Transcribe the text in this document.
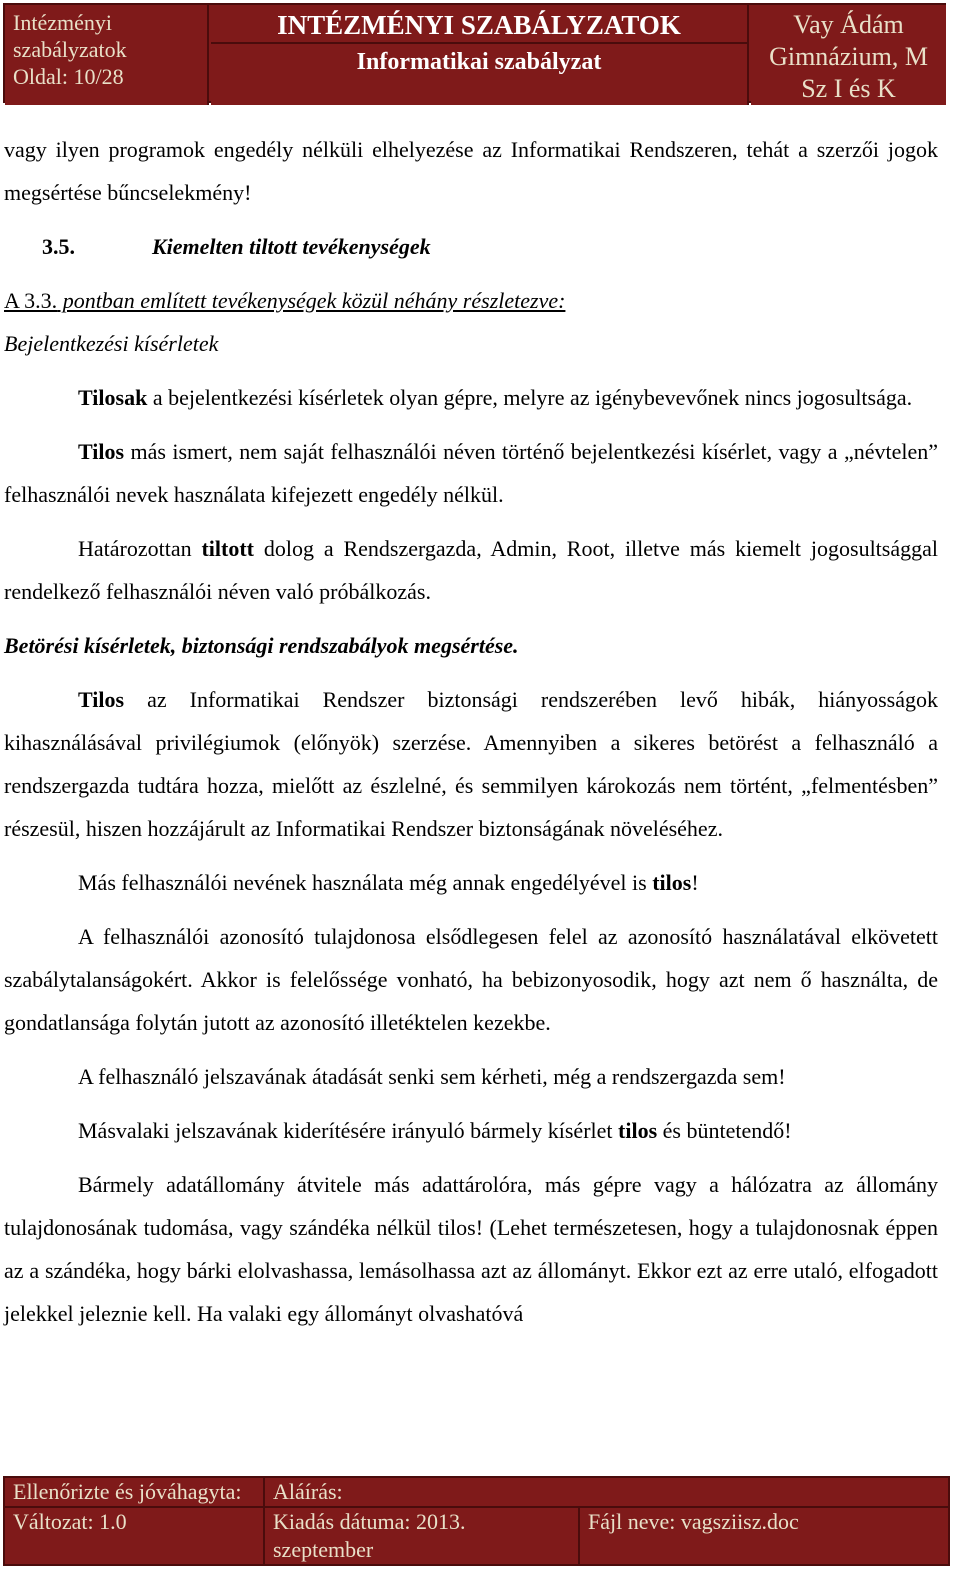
Intézményi
szabályzatok
Oldal: 10/28
INTÉZMÉNYI SZABÁLYZATOK
Informatikai szabályzat
Vay Ádám
Gimnázium, M
Sz I és K

vagy ilyen programok engedély nélküli elhelyezése az Informatikai Rendszeren, tehát a szerzői jogok megsértése bűncselekmény!

3.5.	Kiemelten tiltott tevékenységek

A 3.3. pontban említett tevékenységek közül néhány részletezve:

Bejelentkezési kísérletek

Tilosak a bejelentkezési kísérletek olyan gépre, melyre az igénybevevőnek nincs jogosultsága.

Tilos más ismert, nem saját felhasználói néven történő bejelentkezési kísérlet, vagy a „névtelen” felhasználói nevek használata kifejezett engedély nélkül.

Határozottan tiltott dolog a Rendszergazda, Admin, Root, illetve más kiemelt jogosultsággal rendelkező felhasználói néven való próbálkozás.

Betörési kísérletek, biztonsági rendszabályok megsértése.

Tilos az Informatikai Rendszer biztonsági rendszerében levő hibák, hiányosságok kihasználásával privilégiumok (előnyök) szerzése. Amennyiben a sikeres betörést a felhasználó a rendszergazda tudtára hozza, mielőtt az észlelné, és semmilyen károkozás nem történt, „felmentésben” részesül, hiszen hozzájárult az Informatikai Rendszer biztonságának növeléséhez.

Más felhasználói nevének használata még annak engedélyével is tilos!

A felhasználói azonosító tulajdonosa elsődlegesen felel az azonosító használatával elkövetett szabálytalanságokért. Akkor is felelőssége vonható, ha bebizonyosodik, hogy azt nem ő használta, de gondatlansága folytán jutott az azonosító illetéktelen kezekbe.

A felhasználó jelszavának átadását senki sem kérheti, még a rendszergazda sem!

Másvalaki jelszavának kiderítésére irányuló bármely kísérlet tilos és büntetendő!

Bármely adatállomány átvitele más adattárolóra, más gépre vagy a hálózatra az állomány tulajdonosának tudomása, vagy szándéka nélkül tilos! (Lehet természetesen, hogy a tulajdonosnak éppen az a szándéka, hogy bárki elolvashassa, lemásolhassa azt az állományt. Ekkor ezt az erre utaló, elfogadott jelekkel jeleznie kell. Ha valaki egy állományt olvashatóvá

Ellenőrizte és jóváhagyta: Aláírás:
Változat: 1.0	Kiadás dátuma: 2013.
szeptember
Fájl neve: vagsziisz.doc
